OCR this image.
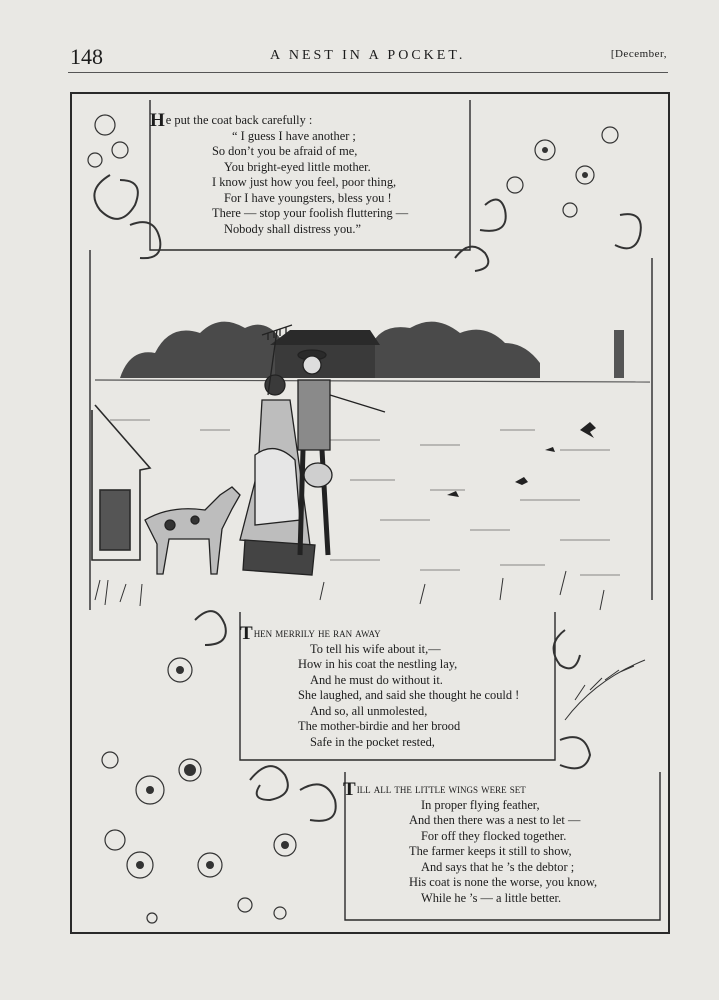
148	A NEST IN A POCKET.	[December,
He put the coat back carefully :
“ I guess I have another ;
So don’t you be afraid of me,
You bright-eyed little mother.
I know just how you feel, poor thing,
For I have youngsters, bless you !
There — stop your foolish fluttering —
Nobody shall distress you.”
Then merrily he ran away
To tell his wife about it,—
How in his coat the nestling lay,
And he must do without it.
She laughed, and said she thought he could !
And so, all unmolested,
The mother-birdie and her brood
Safe in the pocket rested,
Till all the little wings were set
In proper flying feather,
And then there was a nest to let —
For off they flocked together.
The farmer keeps it still to show,
And says that he ’s the debtor ;
His coat is none the worse, you know,
While he ’s — a little better.
